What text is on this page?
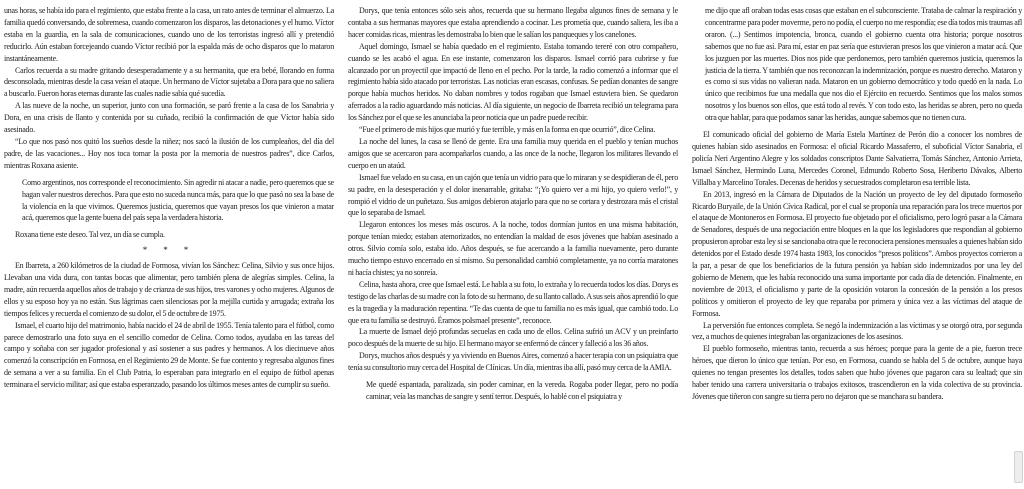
unas horas, se había ido para el regimiento, que estaba frente a la casa, un rato antes de terminar el almuerzo. La familia quedó conversando, de sobremesa, cuando comenzaron los disparos, las detonaciones y el humo. Víctor estaba en la guardia, en la sala de comunicaciones, cuando uno de los terroristas ingresó allí y pretendió reducirlo. Aún estaban forcejeando cuando Víctor recibió por la espalda más de ocho disparos que lo mataron instantáneamente.

Carlos recuerda a su madre gritando desesperadamente y a su hermanita, que era bebé, llorando en forma desconsolada, mientras desde la casa veían el ataque. Un hermano de Víctor sujetaba a Dora para que no saliera a buscarlo. Fueron horas eternas durante las cuales nadie sabía qué sucedía.

A las nueve de la noche, un superior, junto con una formación, se paró frente a la casa de los Sanabria y Dora, en una crisis de llanto y contenida por su cuñado, recibió la confirmación de que Víctor había sido asesinado.

“Lo que nos pasó nos quitó los sueños desde la niñez; nos sacó la ilusión de los cumpleaños, del día del padre, de las vacaciones... Hoy nos toca tomar la posta por la memoria de nuestros padres”, dice Carlos, mientras Roxana asiente.

Como argentinos, nos corresponde el reconocimiento. Sin agredir ni atacar a nadie, pero queremos que se hagan valer nuestros derechos. Para que esto no suceda nunca más, para que lo que pasó no sea la base de la violencia en la que vivimos. Queremos justicia, queremos que vayan presos los que vinieron a matar acá, queremos que la gente buena del país sepa la verdadera historia.

Roxana tiene este deseo. Tal vez, un día se cumpla.

* * *

En Ibarreta, a 260 kilómetros de la ciudad de Formosa, vivían los Sánchez: Celina, Silvio y sus once hijos. Llevaban una vida dura, con tantas bocas que alimentar, pero también plena de alegrías simples. Celina, la madre, aún recuerda aquellos años de trabajo y de crianza de sus hijos, tres varones y ocho mujeres. Algunos de ellos y su esposo hoy ya no están. Sus lágrimas caen silenciosas por la mejilla curtida y arrugada; extraña los tiempos felices y recuerda el comienzo de su dolor, el 5 de octubre de 1975.

Ismael, el cuarto hijo del matrimonio, había nacido el 24 de abril de 1955. Tenía talento para el fútbol, como parece demostrarlo una foto suya en el sencillo comedor de Celina. Como todos, ayudaba en las tareas del campo y soñaba con ser jugador profesional y así sostener a sus padres y hermanos. A los diecinueve años comenzó la conscripción en Formosa, en el Regimiento 29 de Monte. Se fue contento y regresaba algunos fines de semana a ver a su familia. En el Club Patria, lo esperaban para integrarlo en el equipo de fútbol apenas terminara el servicio militar; así que estaba esperanzado, pasando los últimos meses antes de cumplir su sueño.

Dorys, que tenía entonces sólo seis años, recuerda que su hermano llegaba algunos fines de semana y le contaba a sus hermanas mayores que estaba aprendiendo a cocinar. Les prometía que, cuando saliera, les iba a hacer comidas ricas, mientras les demostraba lo bien que le salían los panqueques y los canelones.

Aquel domingo, Ismael se había quedado en el regimiento. Estaba tomando tereré con otro compañero, cuando se les acabó el agua. En ese instante, comenzaron los disparos. Ismael corrió para cubrirse y fue alcanzado por un proyectil que impactó de lleno en el pecho. Por la tarde, la radio comenzó a informar que el regimiento había sido atacado por terroristas. Las noticias eran escasas, confusas. Se pedían donantes de sangre porque había muchos heridos. No daban nombres y todos rogaban que Ismael estuviera bien. Se quedaron aferrados a la radio aguardando más noticias. Al día siguiente, un negocio de Ibarreta recibió un telegrama para los Sánchez por el que se les anunciaba la peor noticia que un padre puede recibir.

“Fue el primero de mis hijos que murió y fue terrible, y más en la forma en que ocurrió”, dice Celina.

La noche del lunes, la casa se llenó de gente. Era una familia muy querida en el pueblo y tenían muchos amigos que se acercaron para acompañarlos cuando, a las once de la noche, llegaron los militares llevando el cuerpo en un ataúd.

Ismael fue velado en su casa, en un cajón que tenía un vidrio para que lo miraran y se despidieran de él, pero su padre, en la desesperación y el dolor inenarrable, gritaba: “¡Yo quiero ver a mi hijo, yo quiero verlo!”, y rompió el vidrio de un puñetazo. Sus amigos debieron atajarlo para que no se cortara y destrozara más el cristal que lo separaba de Ismael.

Llegaron entonces los meses más oscuros. A la noche, todos dormían juntos en una misma habitación, porque tenían miedo; estaban atemorizados, no entendían la maldad de esos jóvenes que habían asesinado a otros. Silvio comía solo, estaba ido. Años después, se fue acercando a la familia nuevamente, pero durante mucho tiempo estuvo encerrado en sí mismo. Su personalidad cambió completamente, ya no corría maratones ni hacía chistes; ya no sonreía.

Celina, hasta ahora, cree que Ismael está. Le habla a su foto, lo extraña y lo recuerda todos los días. Dorys es testigo de las charlas de su madre con la foto de su hermano, de su llanto callado. A sus seis años aprendió lo que es la tragedia y la maduración repentina. “Te das cuenta de que tu familia no es más igual, que cambió todo. Lo que era tu familia se destruyó. Éramos poIsmael presente”, reconoce.

La muerte de Ismael dejó profundas secuelas en cada uno de ellos. Celina sufrió un ACV y un preinfarto poco después de la muerte de su hijo. El hermano mayor se enfermó de cáncer y falleció a los 36 años.

Dorys, muchos años después y ya viviendo en Buenos Aires, comenzó a hacer terapia con un psiquiatra que tenía su consultorio muy cerca del Hospital de Clínicas. Un día, mientras iba allí, pasó muy cerca de la AMIA.

Me quedé espantada, paralizada, sin poder caminar, en la vereda. Rogaba poder llegar, pero no podía caminar, veía las manchas de sangre y sentí terror. Después, lo hablé con el psiquiatra y

me dijo que afl oraban todas esas cosas que estaban en el subconsciente. Trataba de calmar la respiración y concentrarme para poder moverme, pero no podía, el cuerpo no me respondía; ese día todos mis traumas afl oraron. (...) Sentimos impotencia, bronca, cuando el gobierno cuenta otra historia; porque nosotros sabemos que no fue así. Para mí, estar en paz sería que estuvieran presos los que vinieron a matar acá. Que los juzguen por las muertes. Dios nos pide que perdonemos, pero también queremos justicia, queremos la justicia de la tierra. Y también que nos reconozcan la indemnización, porque es nuestro derecho. Mataron y es como si sus vidas no valieran nada. Mataron en un gobierno democrático y todo quedó en la nada. Lo único que recibimos fue una medalla que nos dio el Ejército en recuerdo. Sentimos que los malos somos nosotros y los buenos son ellos, que está todo al revés. Y con todo esto, las heridas se abren, pero no queda otra que hablar, para que podamos sanar las heridas, aunque sabemos que no tienen cura.

El comunicado oficial del gobierno de María Estela Martínez de Perón dio a conocer los nombres de quienes habían sido asesinados en Formosa: el oficial Ricardo Massaferro, el suboficial Víctor Sanabria, el policía Neri Argentino Alegre y los soldados conscriptos Dante Salvatierra, Tomás Sánchez, Antonio Arrieta, Ismael Sánchez, Hermindo Luna, Mercedes Coronel, Edmundo Roberto Sosa, Heriberto Dávalos, Alberto Villalba y Marcelino Torales. Decenas de heridos y secuestrados completaron esa terrible lista.

En 2013, ingresó en la Cámara de Diputados de la Nación un proyecto de ley del diputado formoseño Ricardo Buryaile, de la Unión Cívica Radical, por el cual se proponía una reparación para los trece muertos por el ataque de Montoneros en Formosa. El proyecto fue objetado por el oficialismo, pero logró pasar a la Cámara de Senadores, después de una negociación entre bloques en la que los legisladores que respondían al gobierno propusieron aprobar esta ley si se sancionaba otra que le reconociera pensiones mensuales a quienes habían sido detenidos por el Estado desde 1974 hasta 1983, los conocidos “presos políticos”. Ambos proyectos corrieron a la par, a pesar de que los beneficiarios de la futura pensión ya habían sido indemnizados por una ley del gobierno de Menem, que les había reconocido una suma importante por cada día de detención. Finalmente, en noviembre de 2013, el oficialismo y parte de la oposición votaron la concesión de la pensión a los presos políticos y omitieron el proyecto de ley que reparaba por primera y única vez a las víctimas del ataque de Formosa.

La perversión fue entonces completa. Se negó la indemnización a las víctimas y se otorgó otra, por segunda vez, a muchos de quienes integraban las organizaciones de los asesinos.

El pueblo formoseño, mientras tanto, recuerda a sus héroes; porque para la gente de a pie, fueron trece héroes, que dieron lo único que tenían. Por eso, en Formosa, cuando se habla del 5 de octubre, aunque haya quienes no tengan presentes los detalles, todos saben que hubo jóvenes que pagaron cara su lealtad; que sin haber tenido una carrera universitaria o trabajos exitosos, trascendieron en la vida colectiva de su provincia. Jóvenes que tiñeron con sangre su tierra pero no dejaron que se manchara su bandera.
